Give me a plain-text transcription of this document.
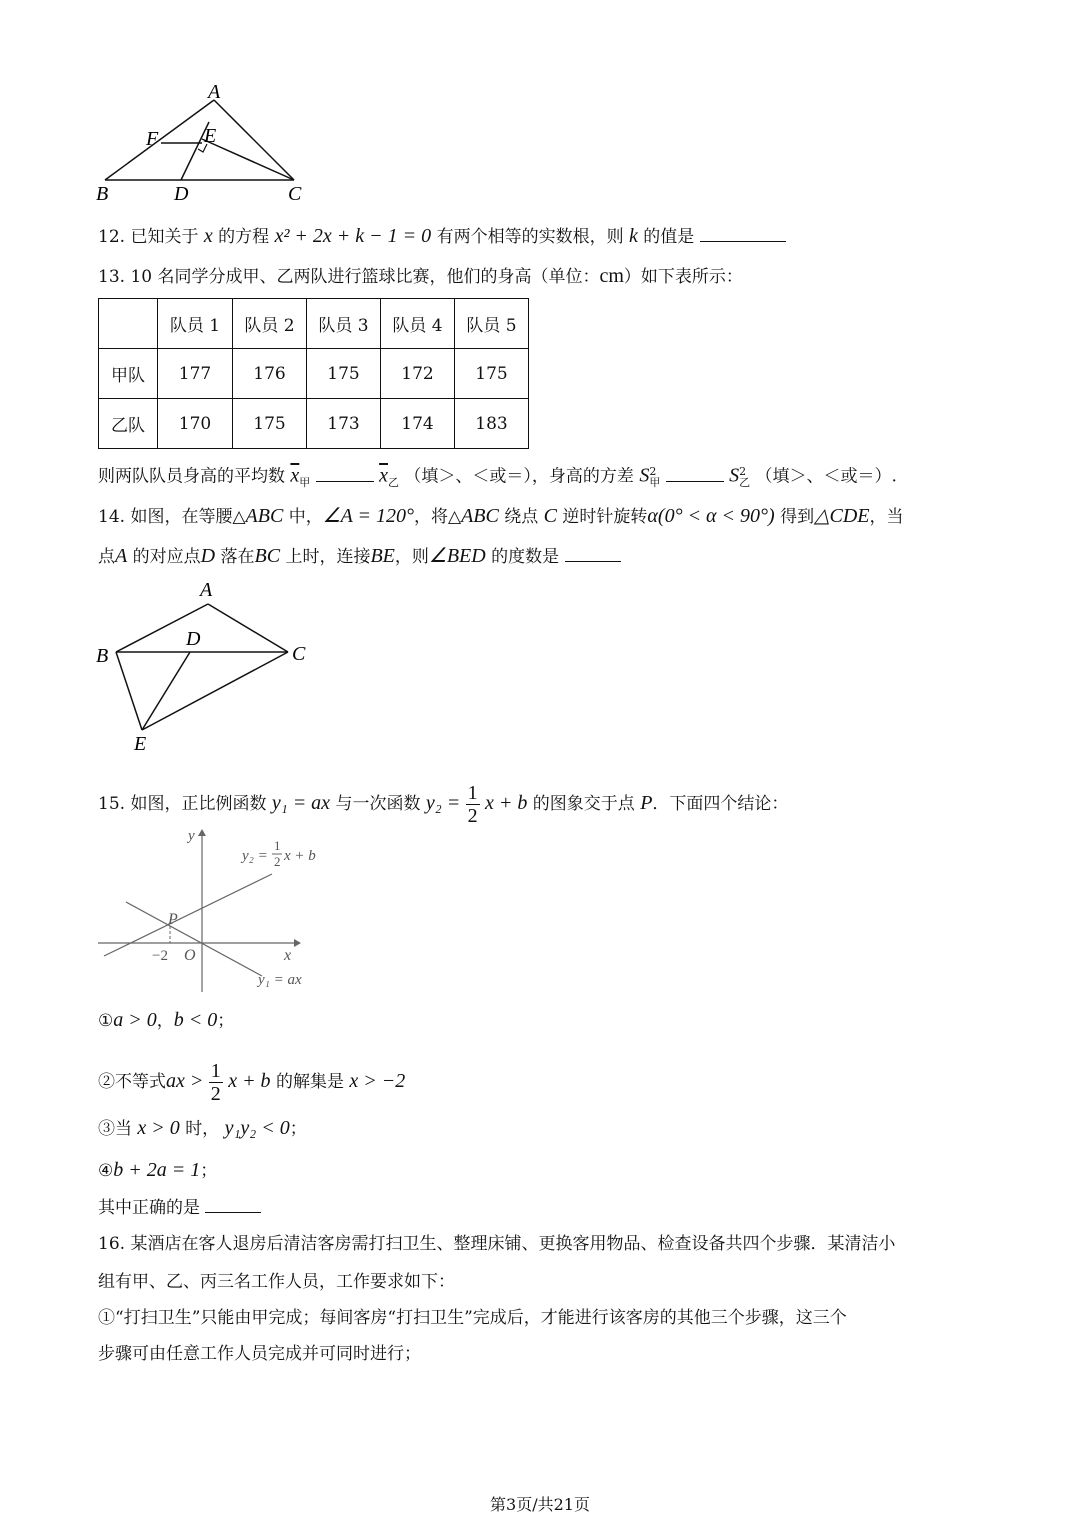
A
F E
B	D	C
12. 已知关于 x 的方程 x² + 2x + k − 1 = 0 有两个相等的实数根，则 k 的值是
13. 10 名同学分成甲、乙两队进行篮球比赛，他们的身高（单位：cm）如下表所示：
	队员 1	队员 2	队员 3	队员 4	队员 5
甲队	177	176	175	172	175
乙队	170	175	173	174	183
则两队队员身高的平均数 $\overline{x}_甲$	$\overline{x}_乙$ （填＞、＜或＝），身高的方差 $S^2_甲$	$S^2_乙$ （填＞、＜或＝）.
14. 如图，在等腰△ABC 中，∠A = 120°，将△ABC 绕点 C 逆时针旋转α(0° < α < 90°) 得到△CDE，当
点A 的对应点D 落在BC 上时，连接BE，则∠BED 的度数是
A
B
D
C
E
15. 如图，正比例函数 y₁ = ax 与一次函数 $y_2 = \frac{1}{2}$ x + b 的图象交于点 P．下面四个结论：
y
x
O
P
−2
y₂ =
1
2 x + b
y₁ = ax
①a > 0，b < 0；
②不等式ax > $\frac{1}{2}$ x + b 的解集是 x > −2
③当 x > 0 时， y₁y₂ < 0；
④b + 2a = 1；
其中正确的是
16. 某酒店在客人退房后清洁客房需打扫卫生、整理床铺、更换客用物品、检查设备共四个步骤．某清洁小
组有甲、乙、丙三名工作人员，工作要求如下：
①“打扫卫生”只能由甲完成；每间客房“打扫卫生”完成后，才能进行该客房的其他三个步骤，这三个
步骤可由任意工作人员完成并可同时进行；
第3页/共21页
